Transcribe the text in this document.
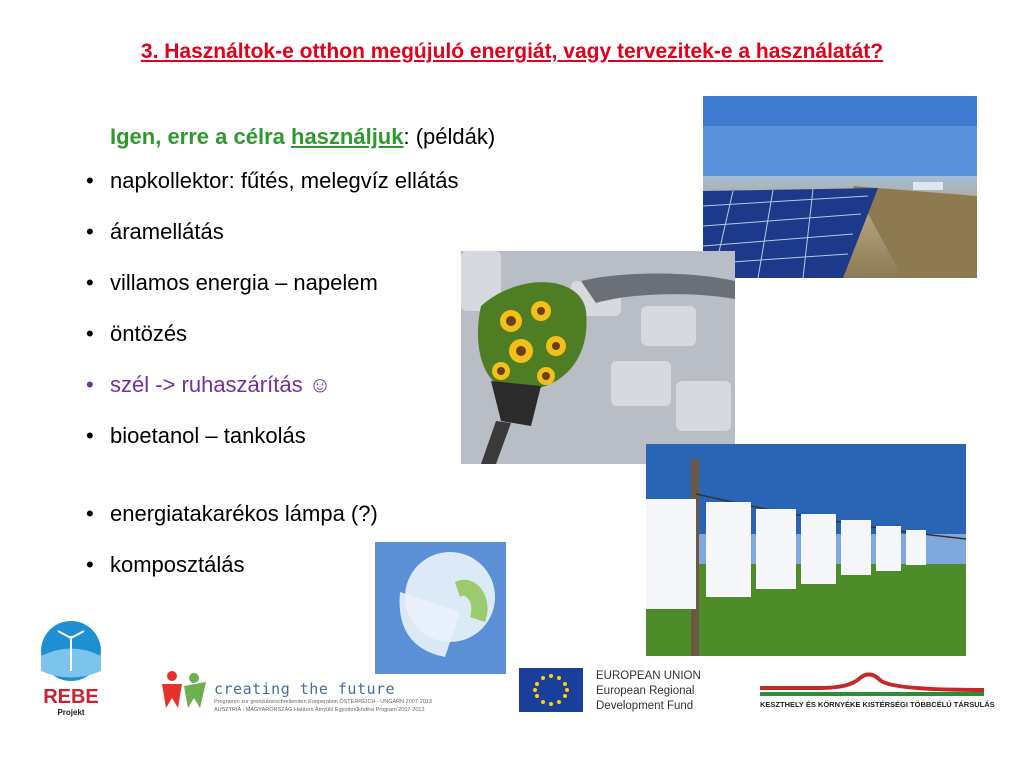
3. Használtok-e otthon megújuló energiát, vagy tervezitek-e a használatát?
Igen, erre a célra használjuk: (példák)
• napkollektor: fűtés, melegvíz ellátás
• áramellátás
• villamos energia – napelem
• öntözés
• szél -> ruhaszárítás ☺
• bioetanol – tankolás
• energiatakarékos lámpa (?)
• komposztálás
REBE
Projekt
creating the future
Programm zur grenzüberschreitenden Kooperation ÖSTERREICH - UNGARN 2007-2013
AUSZTRIA - MAGYARORSZÁG Határon Átnyúló Együttműködési Program 2007-2013
EUROPEAN UNION
European Regional
Development Fund	KESZTHELY ÉS KÖRNYÉKE KISTÉRSÉGI TÖBBCÉLÚ TÁRSULÁS
